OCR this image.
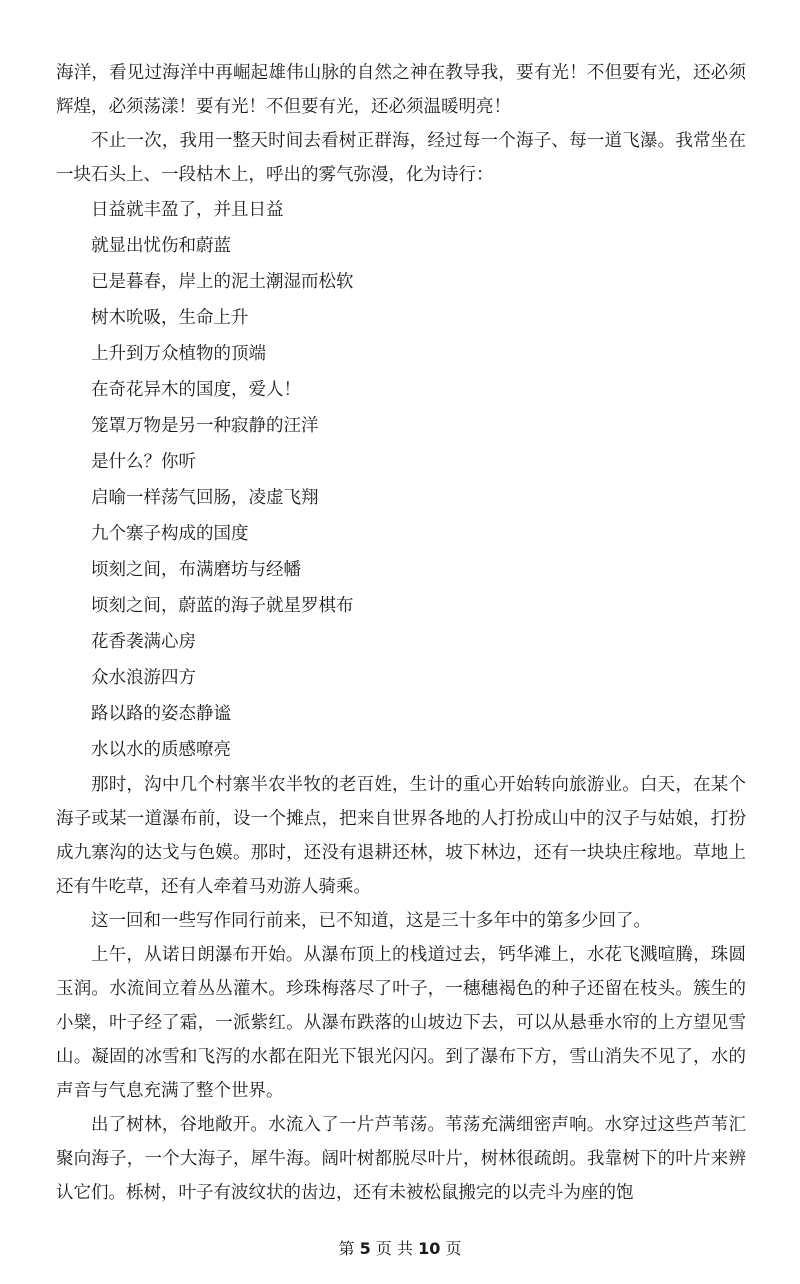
海洋，看见过海洋中再崛起雄伟山脉的自然之神在教导我，要有光！不但要有光，还必须辉煌，必须荡漾！要有光！不但要有光，还必须温暖明亮！

不止一次，我用一整天时间去看树正群海，经过每一个海子、每一道飞瀑。我常坐在一块石头上、一段枯木上，呼出的雾气弥漫，化为诗行：

日益就丰盈了，并且日益
就显出忧伤和蔚蓝
已是暮春，岸上的泥土潮湿而松软
树木吮吸，生命上升
上升到万众植物的顶端
在奇花异木的国度，爱人！
笼罩万物是另一种寂静的汪洋
是什么？你听
启喻一样荡气回肠，凌虚飞翔
九个寨子构成的国度
顷刻之间，布满磨坊与经幡
顷刻之间，蔚蓝的海子就星罗棋布
花香袭满心房
众水浪游四方
路以路的姿态静谧
水以水的质感嘹亮

那时，沟中几个村寨半农半牧的老百姓，生计的重心开始转向旅游业。白天，在某个海子或某一道瀑布前，设一个摊点，把来自世界各地的人打扮成山中的汉子与姑娘，打扮成九寨沟的达戈与色嫫。那时，还没有退耕还林，坡下林边，还有一块块庄稼地。草地上还有牛吃草，还有人牵着马劝游人骑乘。

这一回和一些写作同行前来，已不知道，这是三十多年中的第多少回了。

上午，从诺日朗瀑布开始。从瀑布顶上的栈道过去，钙华滩上，水花飞溅喧腾，珠圆玉润。水流间立着丛丛灌木。珍珠梅落尽了叶子，一穗穗褐色的种子还留在枝头。簇生的小檗，叶子经了霜，一派紫红。从瀑布跌落的山坡边下去，可以从悬垂水帘的上方望见雪山。凝固的冰雪和飞泻的水都在阳光下银光闪闪。到了瀑布下方，雪山消失不见了，水的声音与气息充满了整个世界。

出了树林，谷地敞开。水流入了一片芦苇荡。苇荡充满细密声响。水穿过这些芦苇汇聚向海子，一个大海子，犀牛海。阔叶树都脱尽叶片，树林很疏朗。我靠树下的叶片来辨认它们。栎树，叶子有波纹状的齿边，还有未被松鼠搬完的以壳斗为座的饱

第 5 页 共 10 页
